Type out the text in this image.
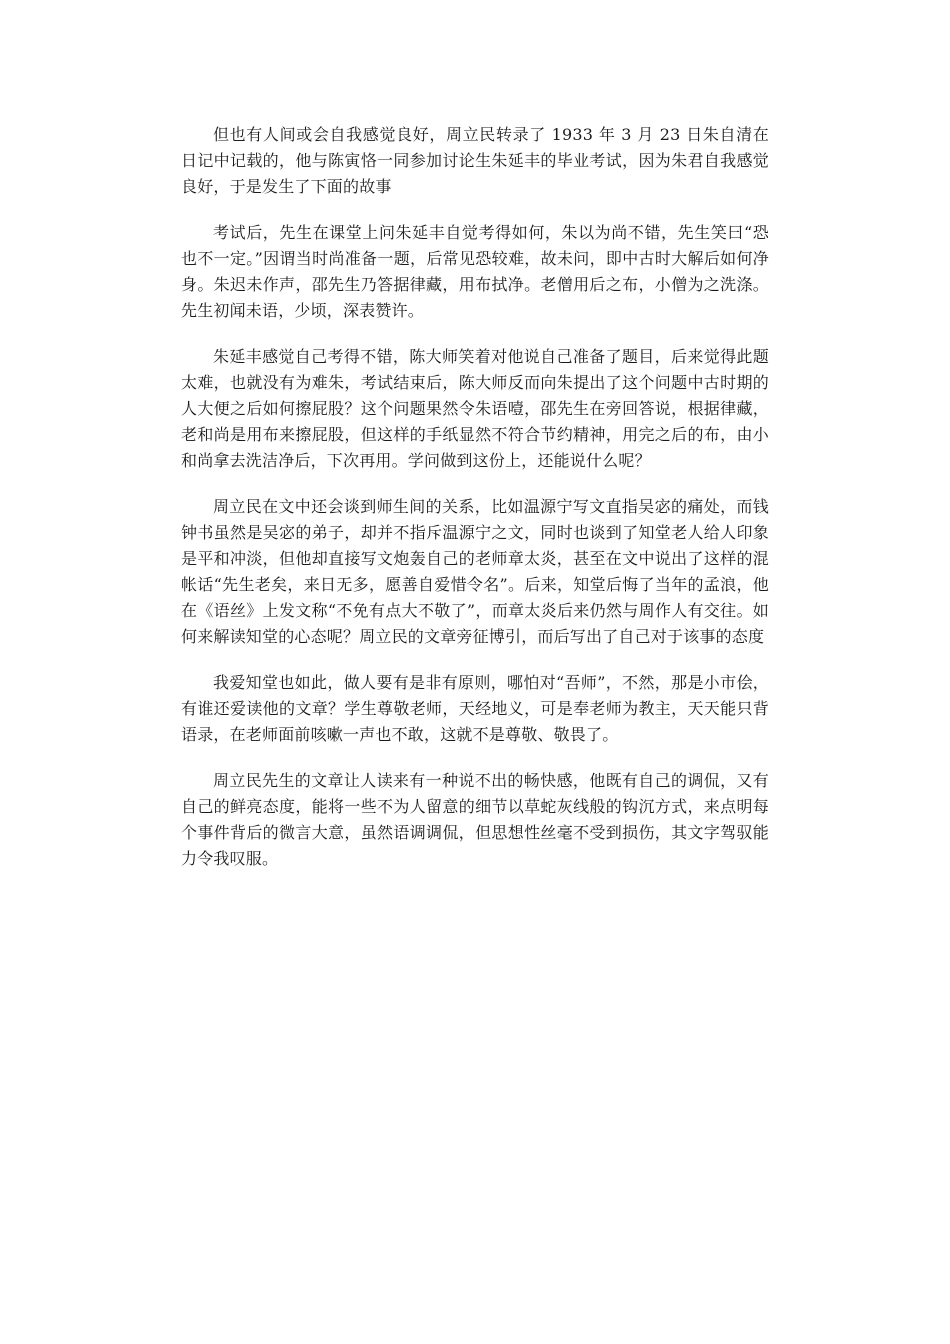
但也有人间或会自我感觉良好，周立民转录了 1933 年 3 月 23 日朱自清在日记中记载的，他与陈寅恪一同参加讨论生朱延丰的毕业考试，因为朱君自我感觉良好，于是发生了下面的故事

考试后，先生在课堂上问朱延丰自觉考得如何，朱以为尚不错，先生笑曰“恐也不一定。”因谓当时尚准备一题，后常见恐较难，故未问，即中古时大解后如何净身。朱迟未作声，邵先生乃答据律藏，用布拭净。老僧用后之布，小僧为之洗涤。先生初闻未语，少顷，深表赞许。

朱延丰感觉自己考得不错，陈大师笑着对他说自己准备了题目，后来觉得此题太难，也就没有为难朱，考试结束后，陈大师反而向朱提出了这个问题中古时期的人大便之后如何擦屁股？这个问题果然令朱语噎，邵先生在旁回答说，根据律藏，老和尚是用布来擦屁股，但这样的手纸显然不符合节约精神，用完之后的布，由小和尚拿去洗洁净后，下次再用。学问做到这份上，还能说什么呢？

周立民在文中还会谈到师生间的关系，比如温源宁写文直指吴宓的痛处，而钱钟书虽然是吴宓的弟子，却并不指斥温源宁之文，同时也谈到了知堂老人给人印象是平和冲淡，但他却直接写文炮轰自己的老师章太炎，甚至在文中说出了这样的混帐话“先生老矣，来日无多，愿善自爱惜令名”。后来，知堂后悔了当年的孟浪，他在《语丝》上发文称“不免有点大不敬了”，而章太炎后来仍然与周作人有交往。如何来解读知堂的心态呢？周立民的文章旁征博引，而后写出了自己对于该事的态度

我爱知堂也如此，做人要有是非有原则，哪怕对“吾师”，不然，那是小市侩，有谁还爱读他的文章？学生尊敬老师，天经地义，可是奉老师为教主，天天能只背语录，在老师面前咳嗽一声也不敢，这就不是尊敬、敬畏了。

周立民先生的文章让人读来有一种说不出的畅快感，他既有自己的调侃，又有自己的鲜亮态度，能将一些不为人留意的细节以草蛇灰线般的钩沉方式，来点明每个事件背后的微言大意，虽然语调调侃，但思想性丝毫不受到损伤，其文字驾驭能力令我叹服。
